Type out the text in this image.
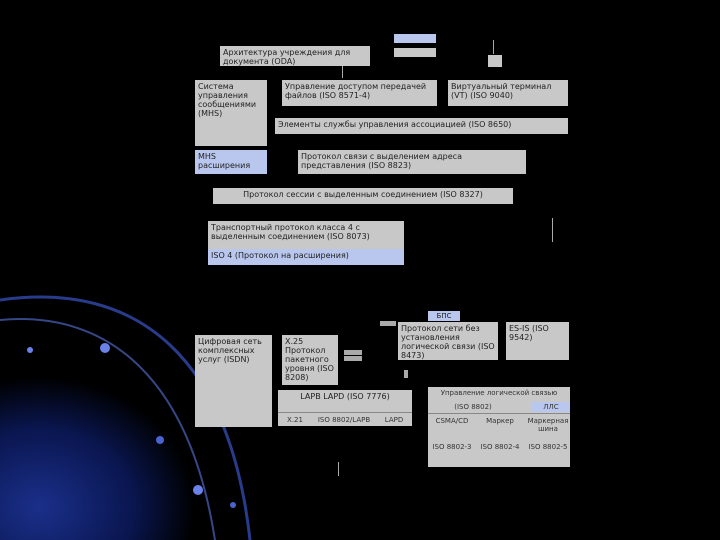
Архитектура учреждения для документа (ODA)
Система управления сообщениями (MHS)
Управление доступом передачей файлов (ISO 8571-4)
Виртуальный терминал (VT) (ISO 9040)
Элементы службы управления ассоциацией (ISO 8650)
MHS расширения
Протокол связи с выделением адреса представления (ISO 8823)
Протокол сессии с выделенным соединением (ISO 8327)
Транспортный протокол класса 4 с выделенным соединением (ISO 8073)
ISO 4 (Протокол на расширения)
БПС
Протокол сети без установления логической связи (ISO 8473)
ES-IS (ISO 9542)
Цифровая сеть комплексных услуг (ISDN)
X.25 Протокол пакетного уровня (ISO 8208)
LAPB LAPD (ISO 7776)
X.21	ISO 8802/LAPB	LAPD
Управление логической связью
(ISO 8802)	ЛЛС
CSMA/CD	Маркер	Маркерная шина
ISO 8802-3	ISO 8802-4	ISO 8802-5
